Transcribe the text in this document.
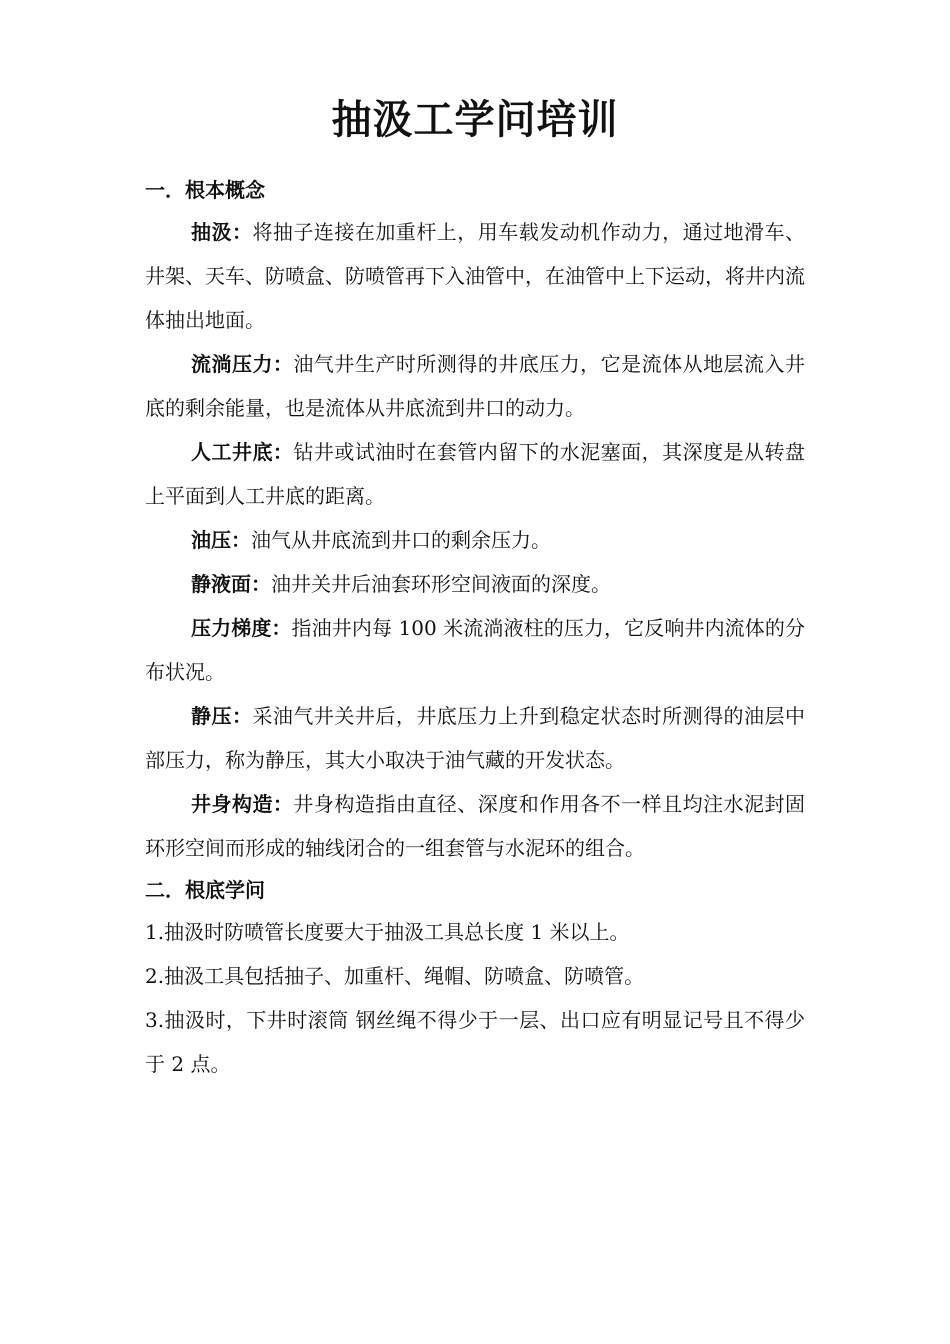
抽汲工学问培训

一．根本概念

抽汲：将抽子连接在加重杆上，用车载发动机作动力，通过地滑车、井架、天车、防喷盒、防喷管再下入油管中，在油管中上下运动，将井内流体抽出地面。

流淌压力：油气井生产时所测得的井底压力，它是流体从地层流入井底的剩余能量，也是流体从井底流到井口的动力。

人工井底：钻井或试油时在套管内留下的水泥塞面，其深度是从转盘上平面到人工井底的距离。

油压：油气从井底流到井口的剩余压力。

静液面：油井关井后油套环形空间液面的深度。

压力梯度：指油井内每 100 米流淌液柱的压力，它反响井内流体的分布状况。

静压：采油气井关井后，井底压力上升到稳定状态时所测得的油层中部压力，称为静压，其大小取决于油气藏的开发状态。

井身构造：井身构造指由直径、深度和作用各不一样且均注水泥封固环形空间而形成的轴线闭合的一组套管与水泥环的组合。

二．根底学问

1.抽汲时防喷管长度要大于抽汲工具总长度 1 米以上。

2.抽汲工具包括抽子、加重杆、绳帽、防喷盒、防喷管。

3.抽汲时，下井时滚筒 钢丝绳不得少于一层、出口应有明显记号且不得少于 2 点。
